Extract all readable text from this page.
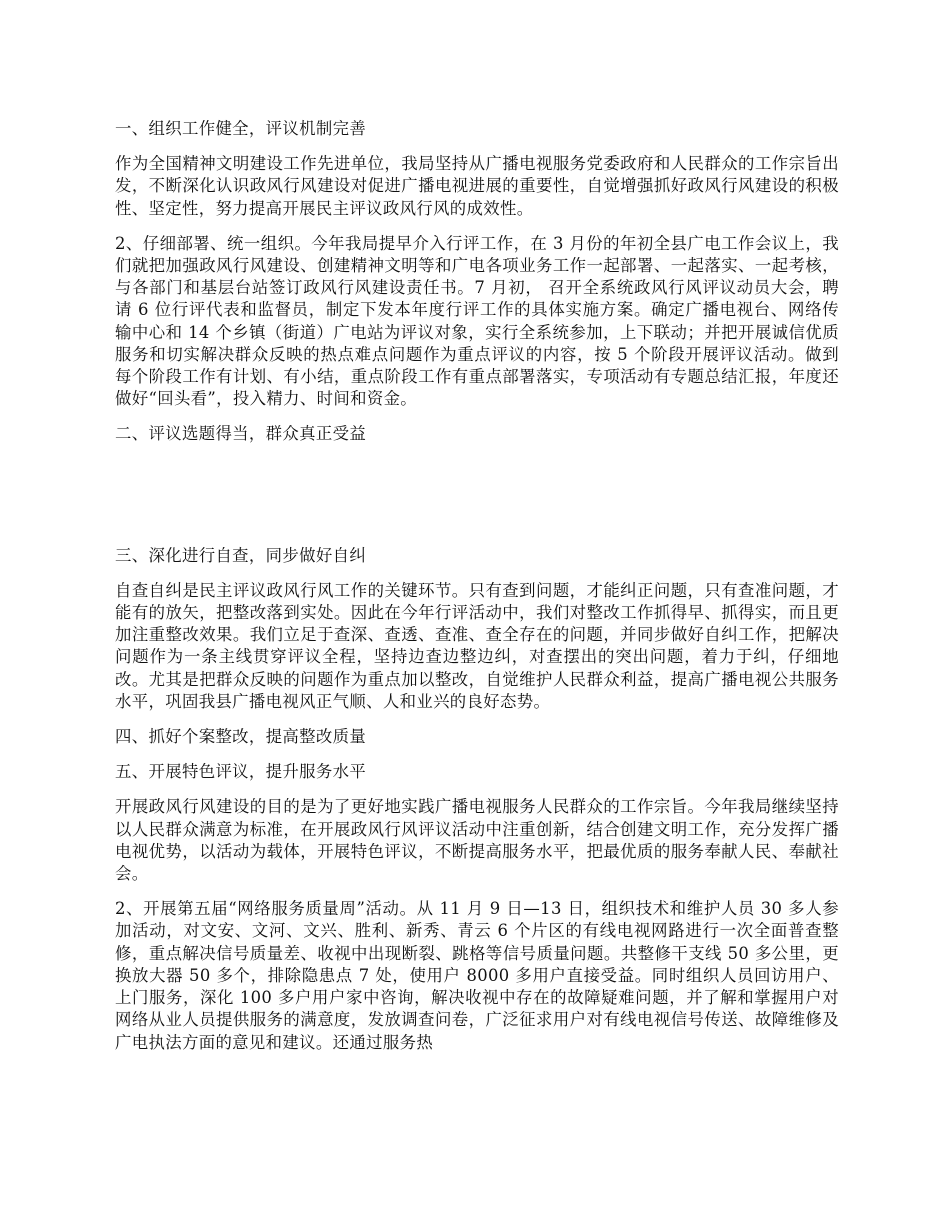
一、组织工作健全，评议机制完善
作为全国精神文明建设工作先进单位，我局坚持从广播电视服务党委政府和人民群众的工作宗旨出发，不断深化认识政风行风建设对促进广播电视进展的重要性，自觉增强抓好政风行风建设的积极性、坚定性，努力提高开展民主评议政风行风的成效性。
2、仔细部署、统一组织。今年我局提早介入行评工作，在 3 月份的年初全县广电工作会议上，我们就把加强政风行风建设、创建精神文明等和广电各项业务工作一起部署、一起落实、一起考核，与各部门和基层台站签订政风行风建设责任书。7 月初， 召开全系统政风行风评议动员大会，聘请 6 位行评代表和监督员，制定下发本年度行评工作的具体实施方案。确定广播电视台、网络传输中心和 14 个乡镇（街道）广电站为评议对象，实行全系统参加，上下联动；并把开展诚信优质服务和切实解决群众反映的热点难点问题作为重点评议的内容，按 5 个阶段开展评议活动。做到每个阶段工作有计划、有小结，重点阶段工作有重点部署落实，专项活动有专题总结汇报，年度还做好“回头看”，投入精力、时间和资金。
二、评议选题得当，群众真正受益
三、深化进行自查，同步做好自纠
自查自纠是民主评议政风行风工作的关键环节。只有查到问题，才能纠正问题，只有查准问题，才能有的放矢，把整改落到实处。因此在今年行评活动中，我们对整改工作抓得早、抓得实，而且更加注重整改效果。我们立足于查深、查透、查准、查全存在的问题，并同步做好自纠工作，把解决问题作为一条主线贯穿评议全程，坚持边查边整边纠，对查摆出的突出问题，着力于纠，仔细地改。尤其是把群众反映的问题作为重点加以整改，自觉维护人民群众利益，提高广播电视公共服务水平，巩固我县广播电视风正气顺、人和业兴的良好态势。
四、抓好个案整改，提高整改质量
五、开展特色评议，提升服务水平
开展政风行风建设的目的是为了更好地实践广播电视服务人民群众的工作宗旨。今年我局继续坚持以人民群众满意为标准，在开展政风行风评议活动中注重创新，结合创建文明工作，充分发挥广播电视优势，以活动为载体，开展特色评议，不断提高服务水平，把最优质的服务奉献人民、奉献社会。
2、开展第五届“网络服务质量周”活动。从 11 月 9 日—13 日，组织技术和维护人员 30 多人参加活动，对文安、文河、文兴、胜利、新秀、青云 6 个片区的有线电视网路进行一次全面普查整修，重点解决信号质量差、收视中出现断裂、跳格等信号质量问题。共整修干支线 50 多公里，更换放大器 50 多个，排除隐患点 7 处，使用户 8000 多用户直接受益。同时组织人员回访用户、上门服务，深化 100 多户用户家中咨询，解决收视中存在的故障疑难问题，并了解和掌握用户对网络从业人员提供服务的满意度，发放调查问卷，广泛征求用户对有线电视信号传送、故障维修及广电执法方面的意见和建议。还通过服务热
